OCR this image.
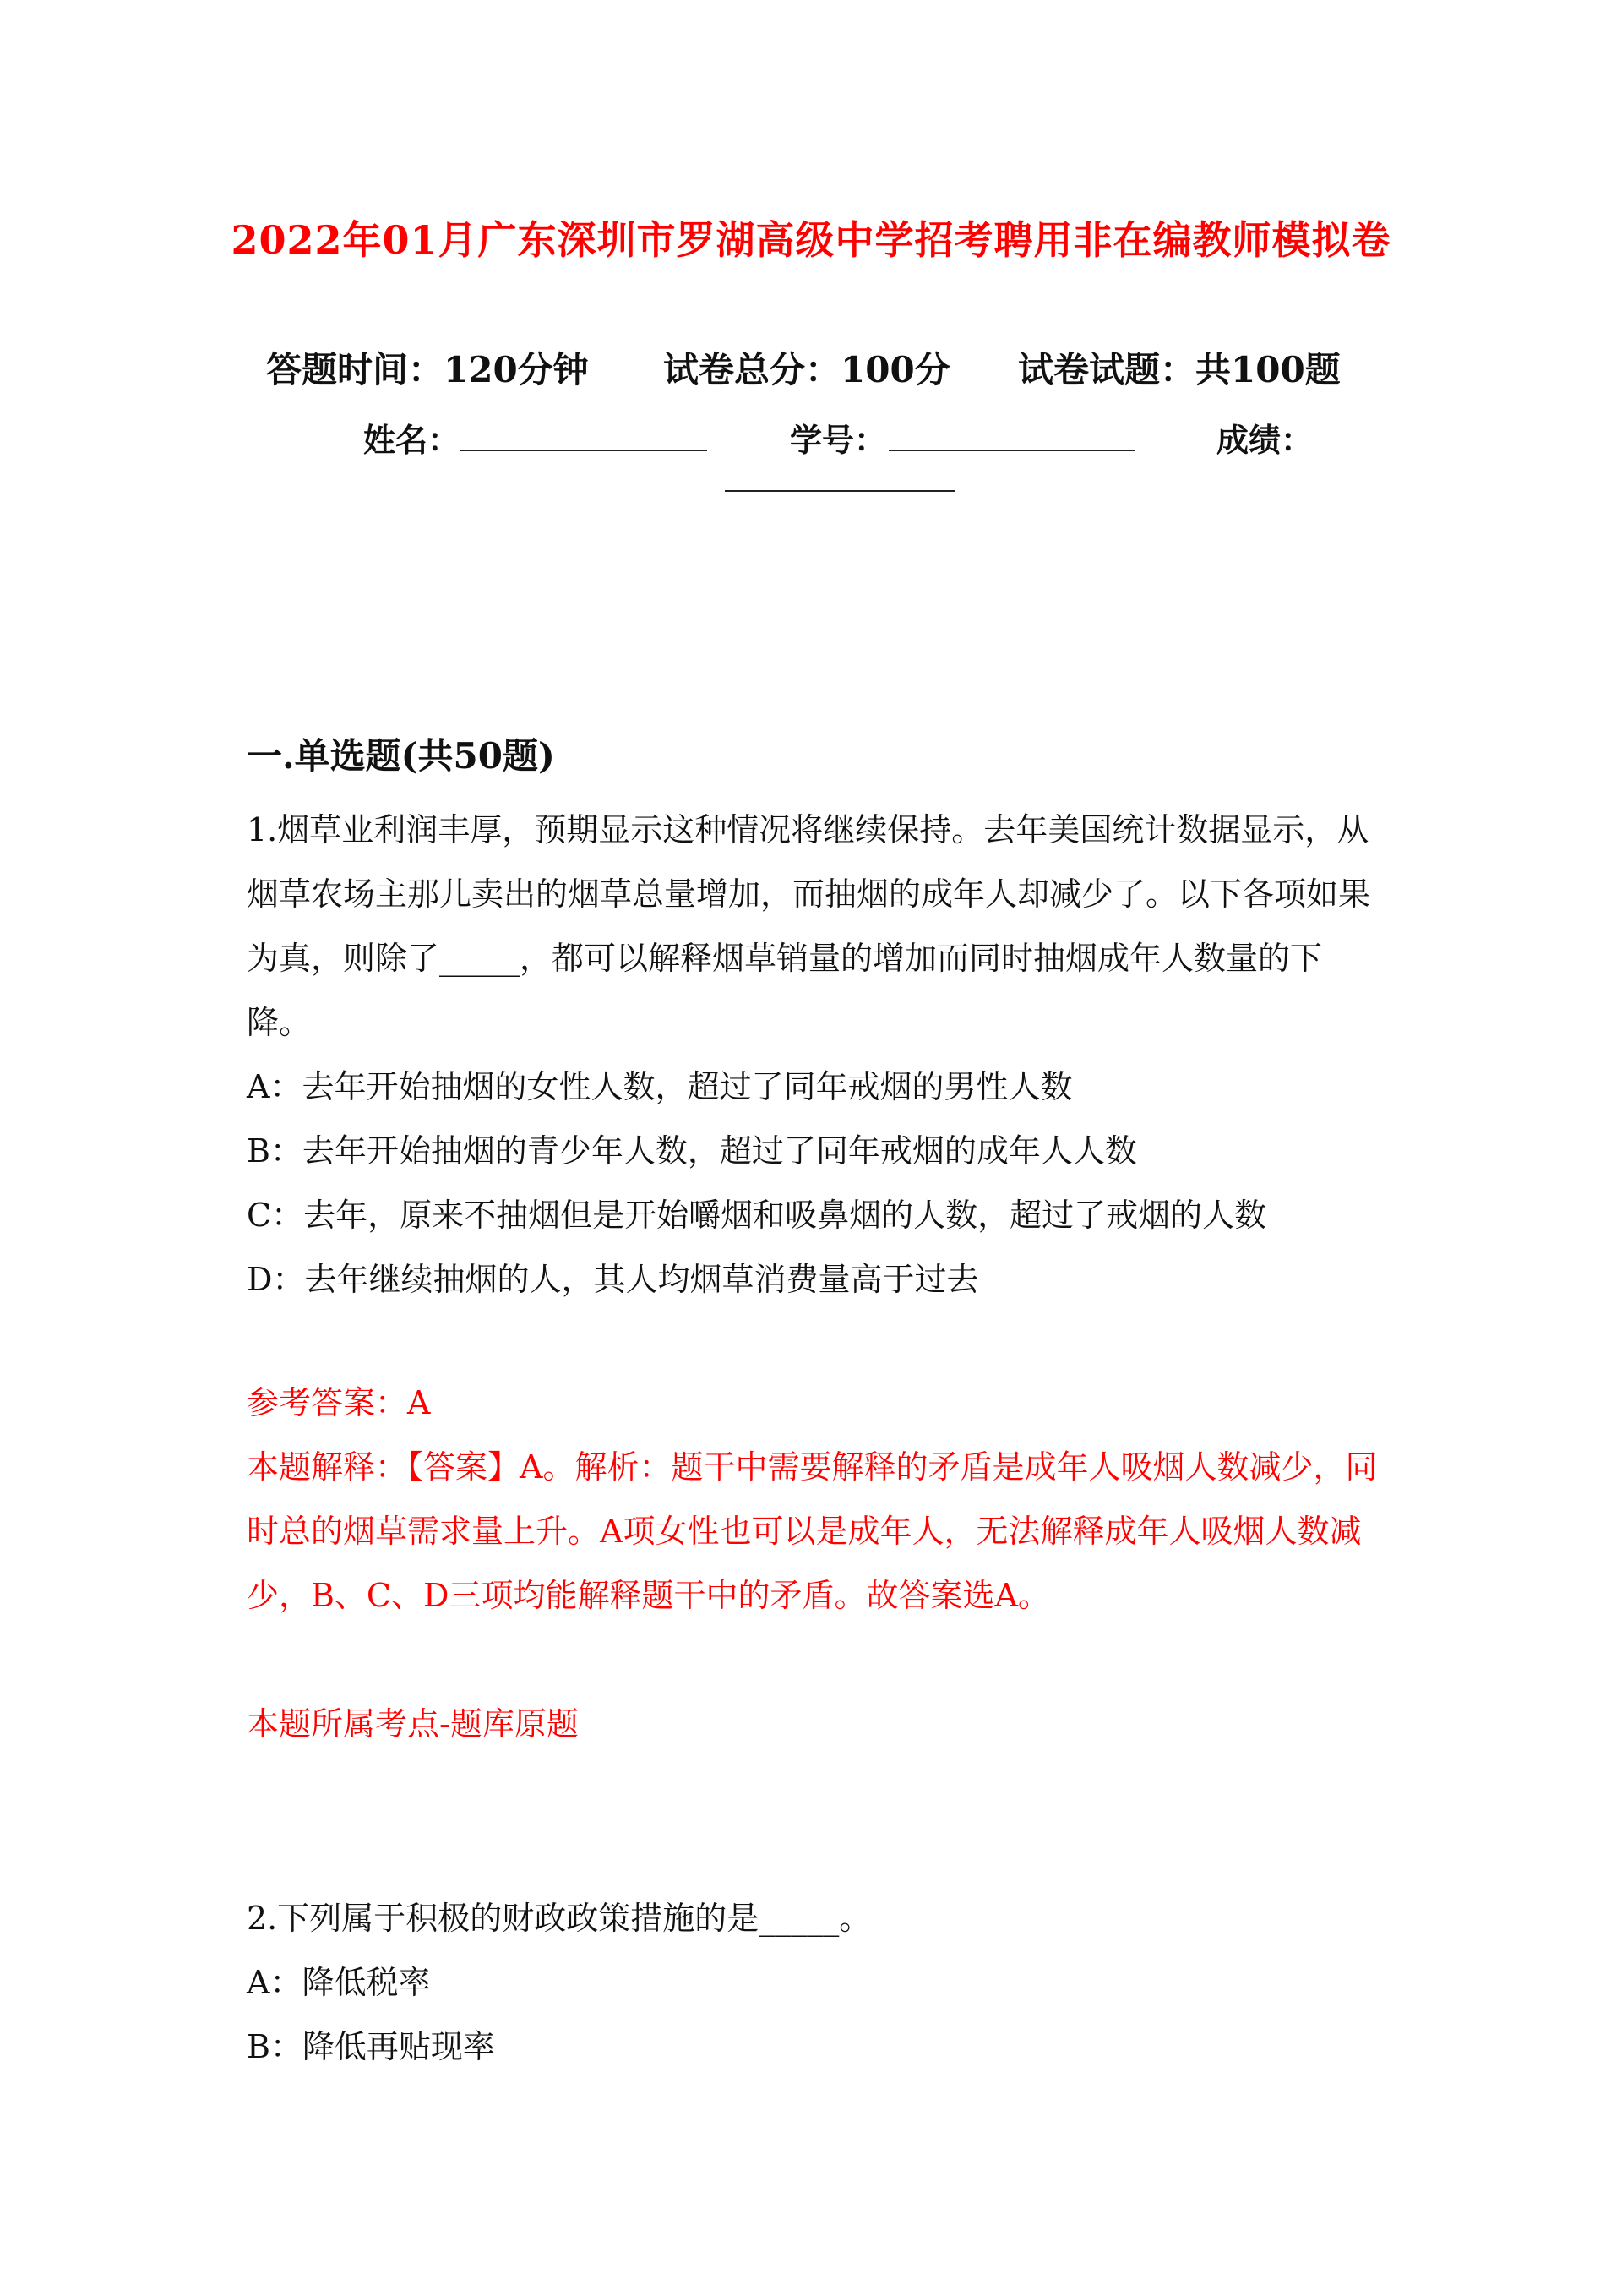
2022年01月广东深圳市罗湖高级中学招考聘用非在编教师模拟卷
答题时间：120分钟 试卷总分：100分 试卷试题：共100题
姓名：	学号：	成绩：
一.单选题(共50题)

1.烟草业利润丰厚，预期显示这种情况将继续保持。去年美国统计数据显示，从烟草农场主那儿卖出的烟草总量增加，而抽烟的成年人却减少了。以下各项如果为真，则除了_____，都可以解释烟草销量的增加而同时抽烟成年人数量的下降。

A：去年开始抽烟的女性人数，超过了同年戒烟的男性人数

B：去年开始抽烟的青少年人数，超过了同年戒烟的成年人人数

C：去年，原来不抽烟但是开始嚼烟和吸鼻烟的人数，超过了戒烟的人数

D：去年继续抽烟的人，其人均烟草消费量高于过去

参考答案：A
本题解释：【答案】A。解析：题干中需要解释的矛盾是成年人吸烟人数减少，同时总的烟草需求量上升。A项女性也可以是成年人，无法解释成年人吸烟人数减少，B、C、D三项均能解释题干中的矛盾。故答案选A。
本题所属考点-题库原题

2.下列属于积极的财政政策措施的是_____。

A：降低税率

B：降低再贴现率
